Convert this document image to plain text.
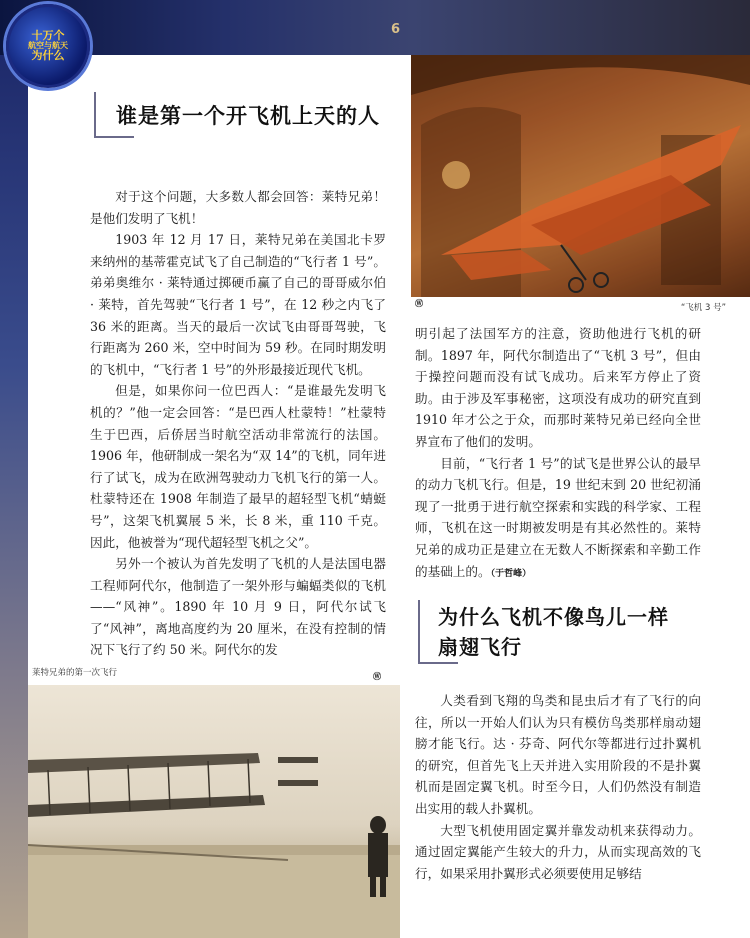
十万个
航空与航天
为什么
6
Ⓦ	“飞机 3 号”
莱特兄弟的第一次飞行	Ⓦ
谁是第一个开飞机上天的人

对于这个问题，大多数人都会回答：莱特兄弟！是他们发明了飞机！

1903 年 12 月 17 日，莱特兄弟在美国北卡罗来纳州的基蒂霍克试飞了自己制造的“飞行者 1 号”。弟弟奥维尔 · 莱特通过掷硬币赢了自己的哥哥威尔伯 · 莱特，首先驾驶“飞行者 1 号”，在 12 秒之内飞了 36 米的距离。当天的最后一次试飞由哥哥驾驶，飞行距离为 260 米，空中时间为 59 秒。在同时期发明的飞机中，“飞行者 1 号”的外形最接近现代飞机。

但是，如果你问一位巴西人：“是谁最先发明飞机的？”他一定会回答：“是巴西人杜蒙特！”杜蒙特生于巴西，后侨居当时航空活动非常流行的法国。1906 年，他研制成一架名为“双 14”的飞机，同年进行了试飞，成为在欧洲驾驶动力飞机飞行的第一人。杜蒙特还在 1908 年制造了最早的超轻型飞机“蜻蜓号”，这架飞机翼展 5 米，长 8 米，重 110 千克。因此，他被誉为“现代超轻型飞机之父”。

另外一个被认为首先发明了飞机的人是法国电器工程师阿代尔，他制造了一架外形与蝙蝠类似的飞机——“风神”。1890 年 10 月 9 日，阿代尔试飞了“风神”，离地高度约为 20 厘米，在没有控制的情况下飞行了约 50 米。阿代尔的发

明引起了法国军方的注意，资助他进行飞机的研制。1897 年，阿代尔制造出了“飞机 3 号”，但由于操控问题而没有试飞成功。后来军方停止了资助。由于涉及军事秘密，这项没有成功的研究直到 1910 年才公之于众，而那时莱特兄弟已经向全世界宣布了他们的发明。

目前，“飞行者 1 号”的试飞是世界公认的最早的动力飞机飞行。但是，19 世纪末到 20 世纪初涌现了一批勇于进行航空探索和实践的科学家、工程师，飞机在这一时期被发明是有其必然性的。莱特兄弟的成功正是建立在无数人不断探索和辛勤工作的基础上的。（于哲峰）

为什么飞机不像鸟儿一样
扇翅飞行

人类看到飞翔的鸟类和昆虫后才有了飞行的向往，所以一开始人们认为只有模仿鸟类那样扇动翅膀才能飞行。达 · 芬奇、阿代尔等都进行过扑翼机的研究，但首先飞上天并进入实用阶段的不是扑翼机而是固定翼飞机。时至今日，人们仍然没有制造出实用的载人扑翼机。

大型飞机使用固定翼并靠发动机来获得动力。通过固定翼能产生较大的升力，从而实现高效的飞行，如果采用扑翼形式必须要使用足够结
